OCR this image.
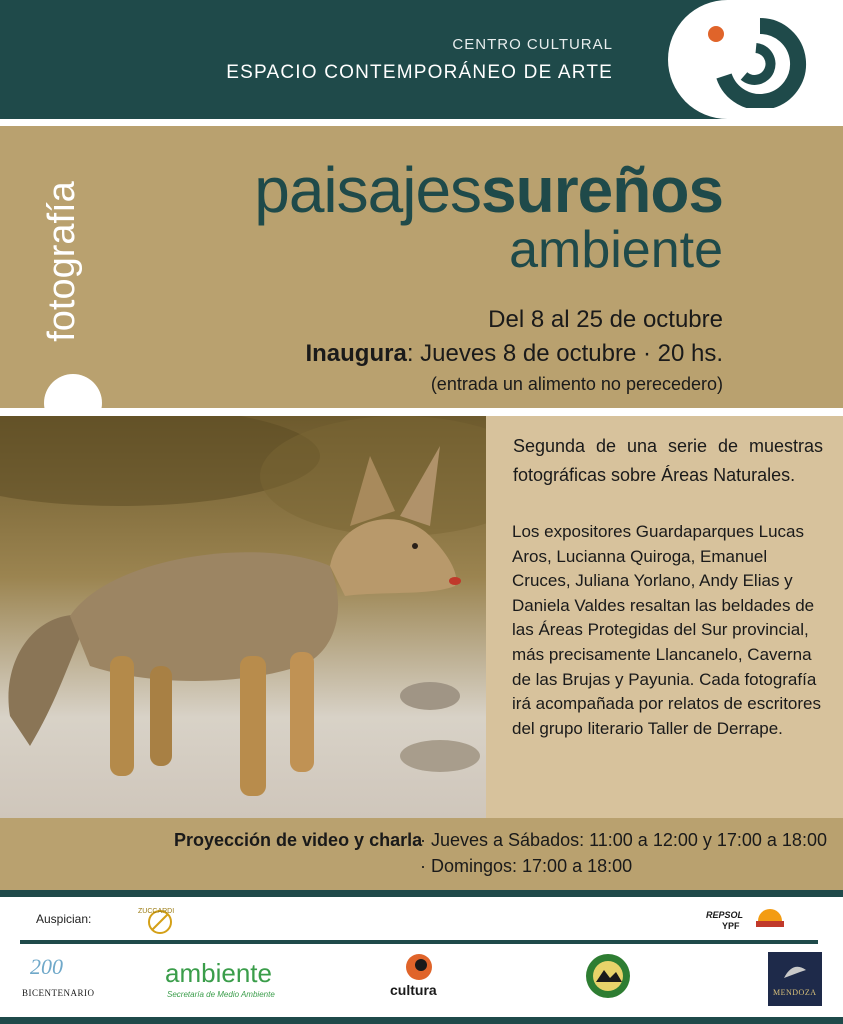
CENTRO CULTURAL
ESPACIO CONTEMPORÁNEO DE ARTE
fotografía	paisajessureños
ambiente
Del 8 al 25 de octubre
Inaugura: Jueves 8 de octubre · 20 hs.
(entrada un alimento no perecedero)

Segunda de una serie de muestras fotográficas sobre Áreas Naturales.

Los expositores Guardaparques Lucas Aros, Lucianna Quiroga, Emanuel Cruces, Juliana Yorlano, Andy Elias y Daniela Valdes resaltan las beldades de las Áreas Protegidas del Sur provincial, más precisamente Llancanelo, Caverna de las Brujas y Payunia. Cada fotografía irá acompañada por relatos de escritores del grupo literario Taller de Derrape.

Proyección de video y charla
· Jueves a Sábados: 11:00 a 12:00 y 17:00 a 18:00
· Domingos: 17:00 a 18:00
Auspician:
ZUCCARDI	REPSOL
YPF
200
BICENTENARIO
ambiente
Secretaría de Medio Ambiente	cultura	MENDOZA
